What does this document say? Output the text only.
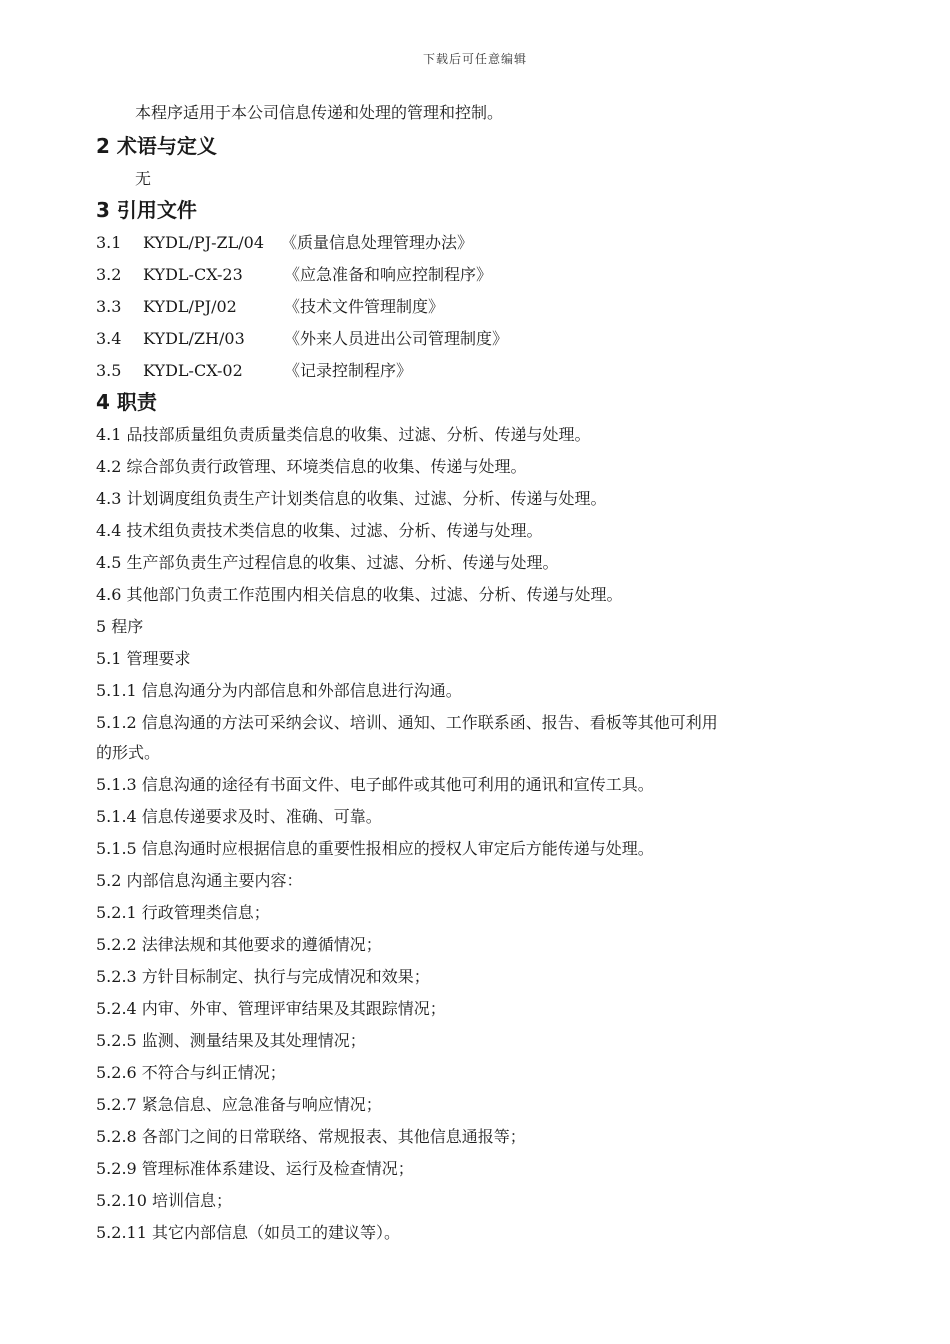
下载后可任意编辑
本程序适用于本公司信息传递和处理的管理和控制。
2 术语与定义
无
3 引用文件
3.1 KYDL/PJ-ZL/04 《质量信息处理管理办法》
3.2 KYDL-CX-23	《应急准备和响应控制程序》
3.3 KYDL/PJ/02	《技术文件管理制度》
3.4 KYDL/ZH/03 《外来人员进出公司管理制度》
3.5 KYDL-CX-02	《记录控制程序》
4 职责
4.1 品技部质量组负责质量类信息的收集、过滤、分析、传递与处理。
4.2 综合部负责行政管理、环境类信息的收集、传递与处理。
4.3 计划调度组负责生产计划类信息的收集、过滤、分析、传递与处理。
4.4 技术组负责技术类信息的收集、过滤、分析、传递与处理。
4.5 生产部负责生产过程信息的收集、过滤、分析、传递与处理。
4.6 其他部门负责工作范围内相关信息的收集、过滤、分析、传递与处理。
5 程序
5.1 管理要求
5.1.1 信息沟通分为内部信息和外部信息进行沟通。
5.1.2 信息沟通的方法可采纳会议、培训、通知、工作联系函、报告、看板等其他可利用
的形式。
5.1.3 信息沟通的途径有书面文件、电子邮件或其他可利用的通讯和宣传工具。
5.1.4 信息传递要求及时、准确、可靠。
5.1.5 信息沟通时应根据信息的重要性报相应的授权人审定后方能传递与处理。
5.2 内部信息沟通主要内容：
5.2.1 行政管理类信息；
5.2.2 法律法规和其他要求的遵循情况；
5.2.3 方针目标制定、执行与完成情况和效果；
5.2.4 内审、外审、管理评审结果及其跟踪情况；
5.2.5 监测、测量结果及其处理情况；
5.2.6 不符合与纠正情况；
5.2.7 紧急信息、应急准备与响应情况；
5.2.8 各部门之间的日常联络、常规报表、其他信息通报等；
5.2.9 管理标准体系建设、运行及检查情况；
5.2.10 培训信息；
5.2.11 其它内部信息（如员工的建议等）。
